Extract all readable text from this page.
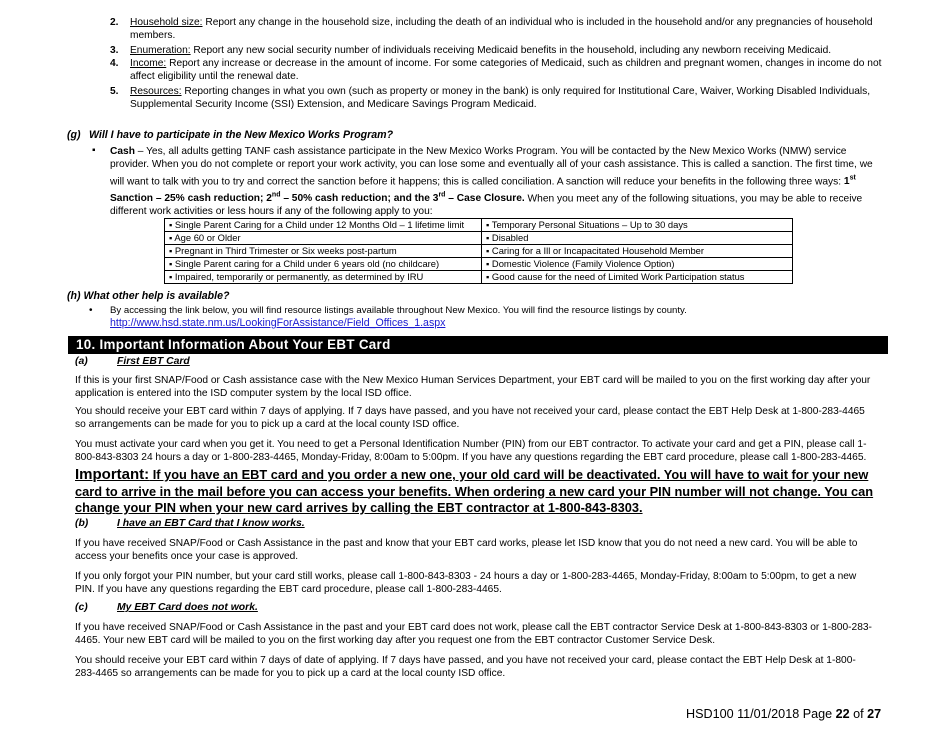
2. Household size: Report any change in the household size, including the death of an individual who is included in the household and/or any pregnancies of household members.
3. Enumeration: Report any new social security number of individuals receiving Medicaid benefits in the household, including any newborn receiving Medicaid.
4. Income: Report any increase or decrease in the amount of income. For some categories of Medicaid, such as children and pregnant women, changes in income do not affect eligibility until the renewal date.
5. Resources: Reporting changes in what you own (such as property or money in the bank) is only required for Institutional Care, Waiver, Working Disabled Individuals, Supplemental Security Income (SSI) Extension, and Medicare Savings Program Medicaid.
(g) Will I have to participate in the New Mexico Works Program?
▪ Cash – Yes, all adults getting TANF cash assistance participate in the New Mexico Works Program. You will be contacted by the New Mexico Works (NMW) service provider. When you do not complete or report your work activity, you can lose some and eventually all of your cash assistance. This is called a sanction. The first time, we will want to talk with you to try and correct the sanction before it happens; this is called conciliation. A sanction will reduce your benefits in the following three ways: 1st Sanction – 25% cash reduction; 2nd – 50% cash reduction; and the 3rd – Case Closure. When you meet any of the following situations, you may be able to receive different work activities or less hours if any of the following apply to you:
▪ Single Parent Caring for a Child under 12 Months Old – 1 lifetime limit	▪ Temporary Personal Situations – Up to 30 days
▪ Age 60 or Older	▪ Disabled
▪ Pregnant in Third Trimester or Six weeks post-partum	▪ Caring for a Ill or Incapacitated Household Member
▪ Single Parent caring for a Child under 6 years old (no childcare)	▪ Domestic Violence (Family Violence Option)
▪ Impaired, temporarily or permanently, as determined by IRU	▪ Good cause for the need of Limited Work Participation status
(h) What other help is available?
• By accessing the link below, you will find resource listings available throughout New Mexico. You will find the resource listings by county.
http://www.hsd.state.nm.us/LookingForAssistance/Field_Offices_1.aspx
10. Important Information About Your EBT Card
(a)	First EBT Card
If this is your first SNAP/Food or Cash assistance case with the New Mexico Human Services Department, your EBT card will be mailed to you on the first working day after your application is entered into the ISD computer system by the local ISD office.
You should receive your EBT card within 7 days of applying. If 7 days have passed, and you have not received your card, please contact the EBT Help Desk at 1-800-283-4465 so arrangements can be made for you to pick up a card at the local county ISD office.
You must activate your card when you get it. You need to get a Personal Identification Number (PIN) from our EBT contractor. To activate your card and get a PIN, please call 1-800-843-8303 24 hours a day or 1-800-283-4465, Monday-Friday, 8:00am to 5:00pm. If you have any questions regarding the EBT card procedure, please call 1-800-283-4465.
Important: If you have an EBT card and you order a new one, your old card will be deactivated. You will have to wait for your new card to arrive in the mail before you can access your benefits. When ordering a new card your PIN number will not change. You can change your PIN when your new card arrives by calling the EBT contractor at 1-800-843-8303.
(b)	I have an EBT Card that I know works.
If you have received SNAP/Food or Cash Assistance in the past and know that your EBT card works, please let ISD know that you do not need a new card. You will be able to access your benefits once your case is approved.
If you only forgot your PIN number, but your card still works, please call 1-800-843-8303 - 24 hours a day or 1-800-283-4465, Monday-Friday, 8:00am to 5:00pm, to get a new PIN. If you have any questions regarding the EBT card procedure, please call 1-800-283-4465.
(c)	My EBT Card does not work.
If you have received SNAP/Food or Cash Assistance in the past and your EBT card does not work, please call the EBT contractor Service Desk at 1-800-843-8303 or 1-800-283-4465. Your new EBT card will be mailed to you on the first working day after you request one from the EBT contractor Customer Service Desk.
You should receive your EBT card within 7 days of date of applying. If 7 days have passed, and you have not received your card, please contact the EBT Help Desk at 1-800-283-4465 so arrangements can be made for you to pick up a card at the local county ISD office.
HSD100 11/01/2018 Page 22 of 27
